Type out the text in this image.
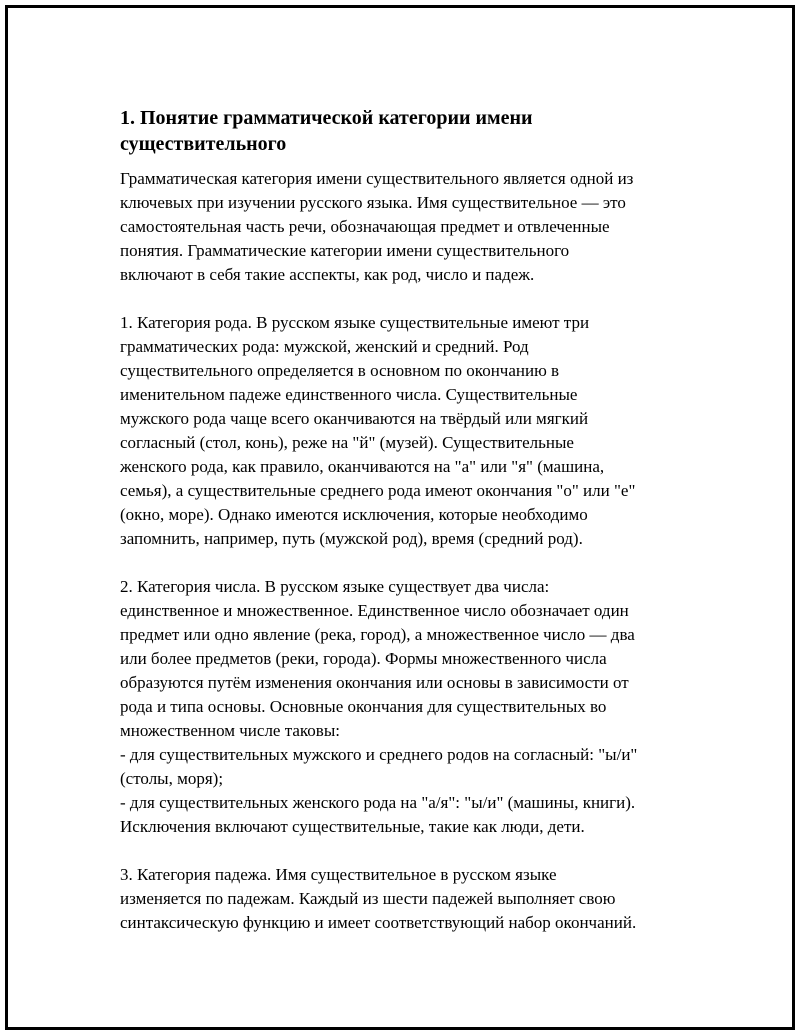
1. Понятие грамматической категории имени
существительного

Грамматическая категория имени существительного является одной из
ключевых при изучении русского языка. Имя существительное — это
самостоятельная часть речи, обозначающая предмет и отвлеченные
понятия. Грамматические категории имени существительного
включают в себя такие асспекты, как род, число и падеж.

1. Категория рода. В русском языке существительные имеют три
грамматических рода: мужской, женский и средний. Род
существительного определяется в основном по окончанию в
именительном падеже единственного числа. Существительные
мужского рода чаще всего оканчиваются на твёрдый или мягкий
согласный (стол, конь), реже на "й" (музей). Существительные
женского рода, как правило, оканчиваются на "а" или "я" (машина,
семья), а существительные среднего рода имеют окончания "о" или "е"
(окно, море). Однако имеются исключения, которые необходимо
запомнить, например, путь (мужской род), время (средний род).

2. Категория числа. В русском языке существует два числа:
единственное и множественное. Единственное число обозначает один
предмет или одно явление (река, город), а множественное число — два
или более предметов (реки, города). Формы множественного числа
образуются путём изменения окончания или основы в зависимости от
рода и типа основы. Основные окончания для существительных во
множественном числе таковы:
- для существительных мужского и среднего родов на согласный: "ы/и"
(столы, моря);
- для существительных женского рода на "а/я": "ы/и" (машины, книги).
Исключения включают существительные, такие как люди, дети.

3. Категория падежа. Имя существительное в русском языке
изменяется по падежам. Каждый из шести падежей выполняет свою
синтаксическую функцию и имеет соответствующий набор окончаний.
